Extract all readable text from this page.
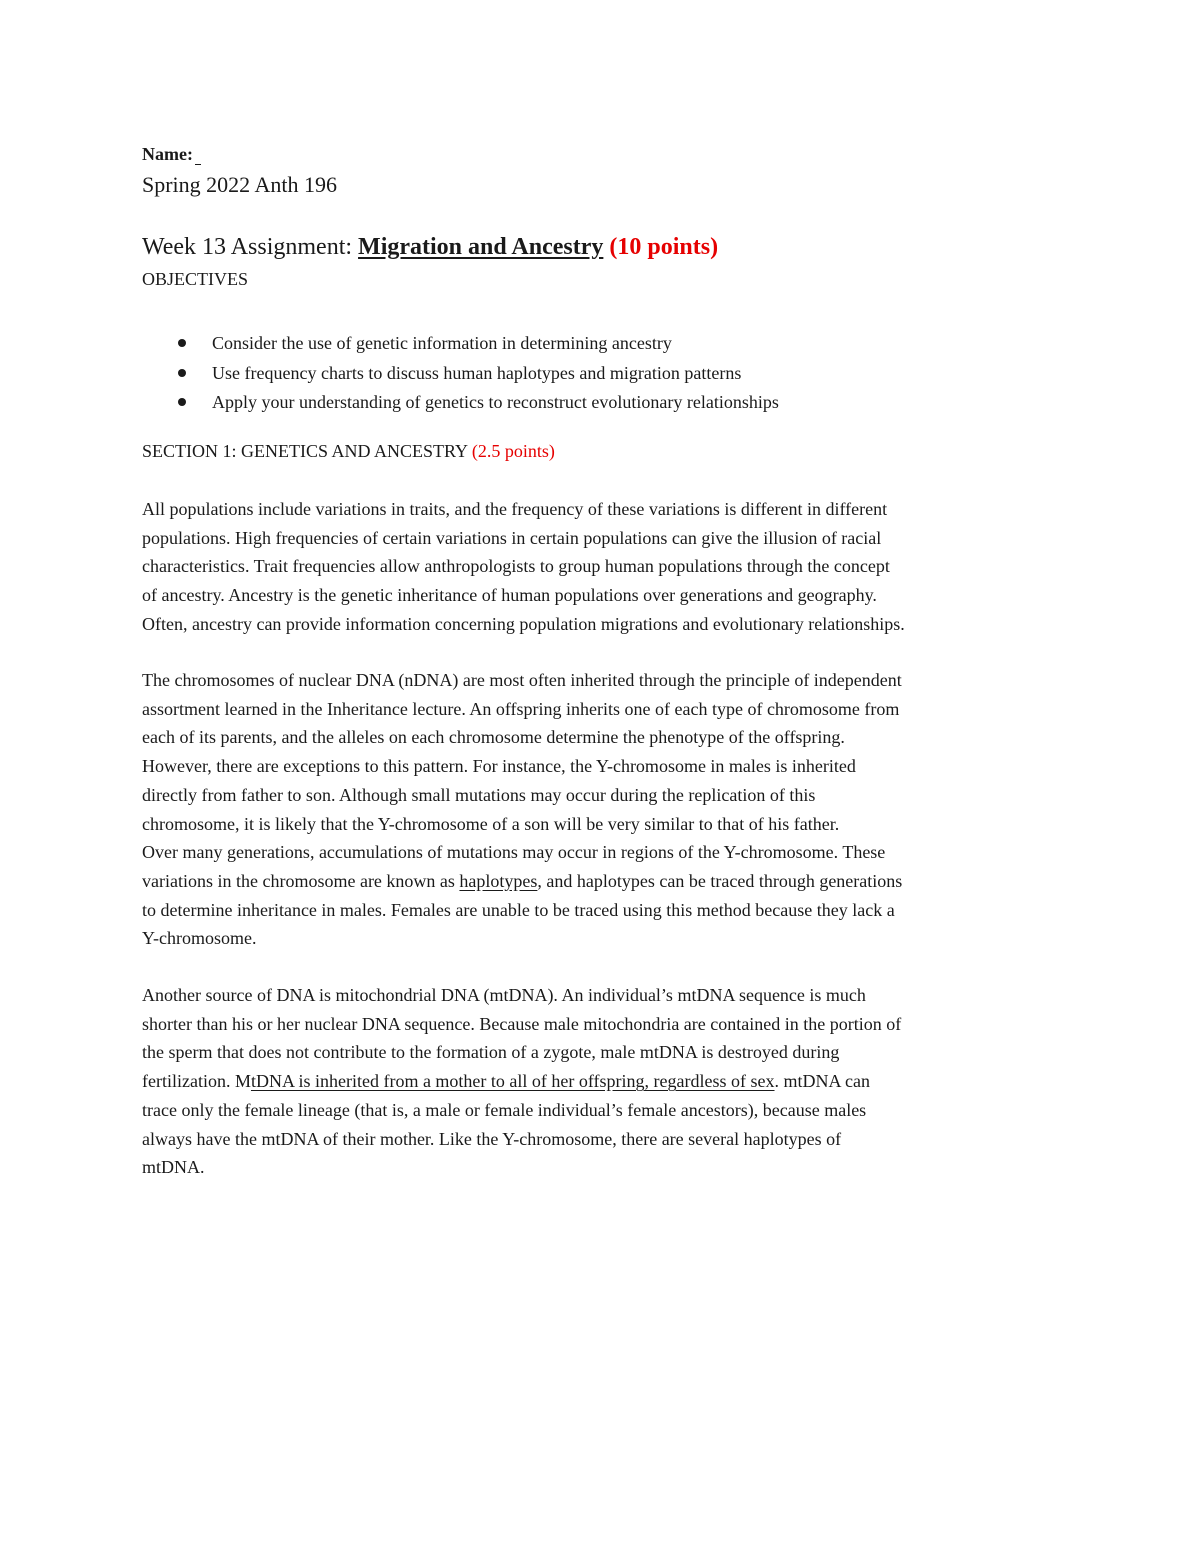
Name:
Spring 2022 Anth 196
Week 13 Assignment: Migration and Ancestry (10 points)
OBJECTIVES
Consider the use of genetic information in determining ancestry
Use frequency charts to discuss human haplotypes and migration patterns
Apply your understanding of genetics to reconstruct evolutionary relationships
SECTION 1: GENETICS AND ANCESTRY (2.5 points)
All populations include variations in traits, and the frequency of these variations is different in different
populations. High frequencies of certain variations in certain populations can give the illusion of racial
characteristics. Trait frequencies allow anthropologists to group human populations through the concept
of ancestry. Ancestry is the genetic inheritance of human populations over generations and geography.
Often, ancestry can provide information concerning population migrations and evolutionary relationships.
The chromosomes of nuclear DNA (nDNA) are most often inherited through the principle of independent
assortment learned in the Inheritance lecture. An offspring inherits one of each type of chromosome from
each of its parents, and the alleles on each chromosome determine the phenotype of the offspring.
However, there are exceptions to this pattern. For instance, the Y-chromosome in males is inherited
directly from father to son. Although small mutations may occur during the replication of this
chromosome, it is likely that the Y-chromosome of a son will be very similar to that of his father.
Over many generations, accumulations of mutations may occur in regions of the Y-chromosome. These
variations in the chromosome are known as haplotypes, and haplotypes can be traced through generations
to determine inheritance in males. Females are unable to be traced using this method because they lack a
Y-chromosome.
Another source of DNA is mitochondrial DNA (mtDNA). An individual’s mtDNA sequence is much
shorter than his or her nuclear DNA sequence. Because male mitochondria are contained in the portion of
the sperm that does not contribute to the formation of a zygote, male mtDNA is destroyed during
fertilization. MtDNA is inherited from a mother to all of her offspring, regardless of sex. mtDNA can
trace only the female lineage (that is, a male or female individual’s female ancestors), because males
always have the mtDNA of their mother. Like the Y-chromosome, there are several haplotypes of
mtDNA.
